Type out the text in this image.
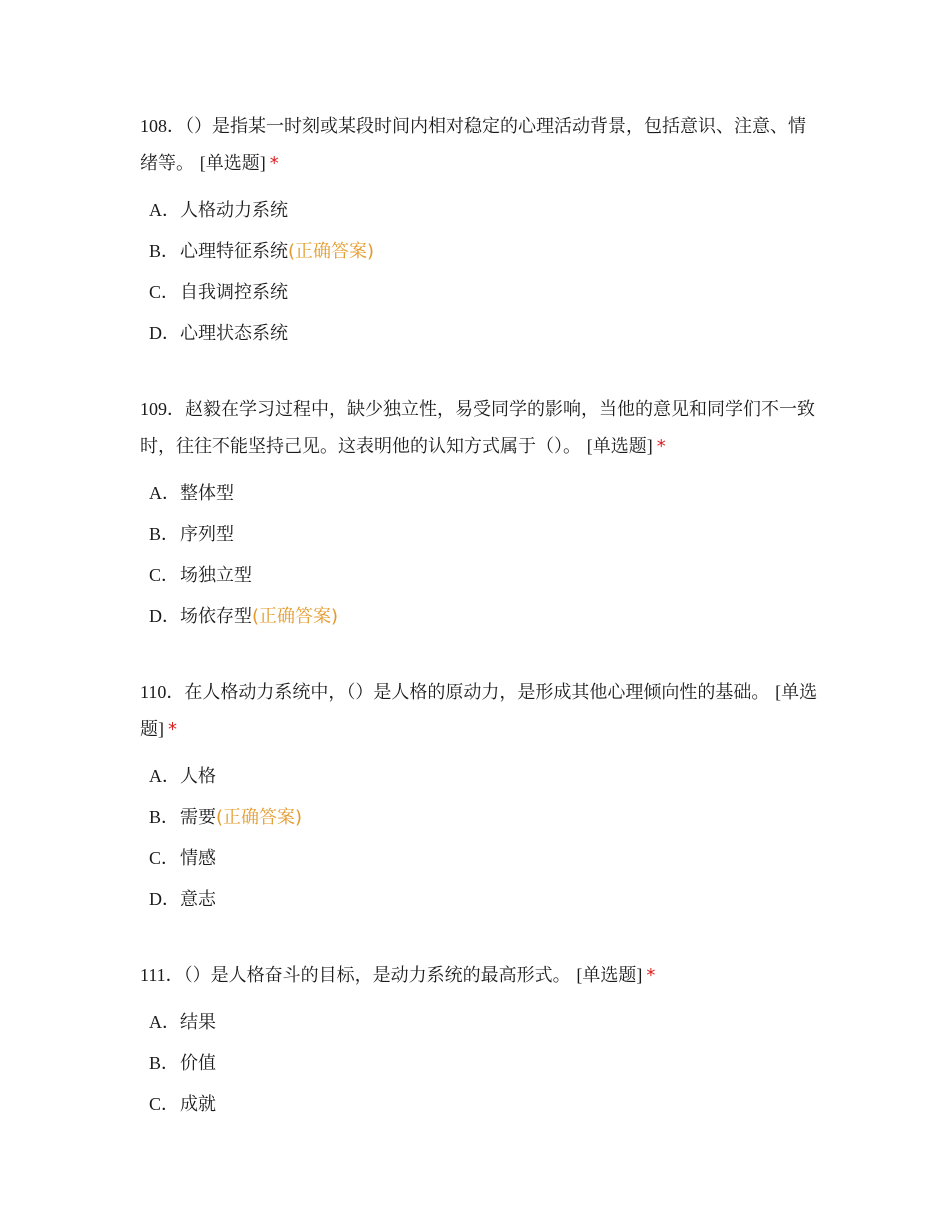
108．（）是指某一时刻或某段时间内相对稳定的心理活动背景，包括意识、注意、情绪等。 [单选题] *
A．人格动力系统
B．心理特征系统(正确答案)
C．自我调控系统
D．心理状态系统
109．赵毅在学习过程中，缺少独立性，易受同学的影响，当他的意见和同学们不一致时，往往不能坚持己见。这表明他的认知方式属于（）。 [单选题] *
A．整体型
B．序列型
C．场独立型
D．场依存型(正确答案)
110．在人格动力系统中，（）是人格的原动力，是形成其他心理倾向性的基础。 [单选题] *
A．人格
B．需要(正确答案)
C．情感
D．意志
111．（）是人格奋斗的目标，是动力系统的最高形式。 [单选题] *
A．结果
B．价值
C．成就
